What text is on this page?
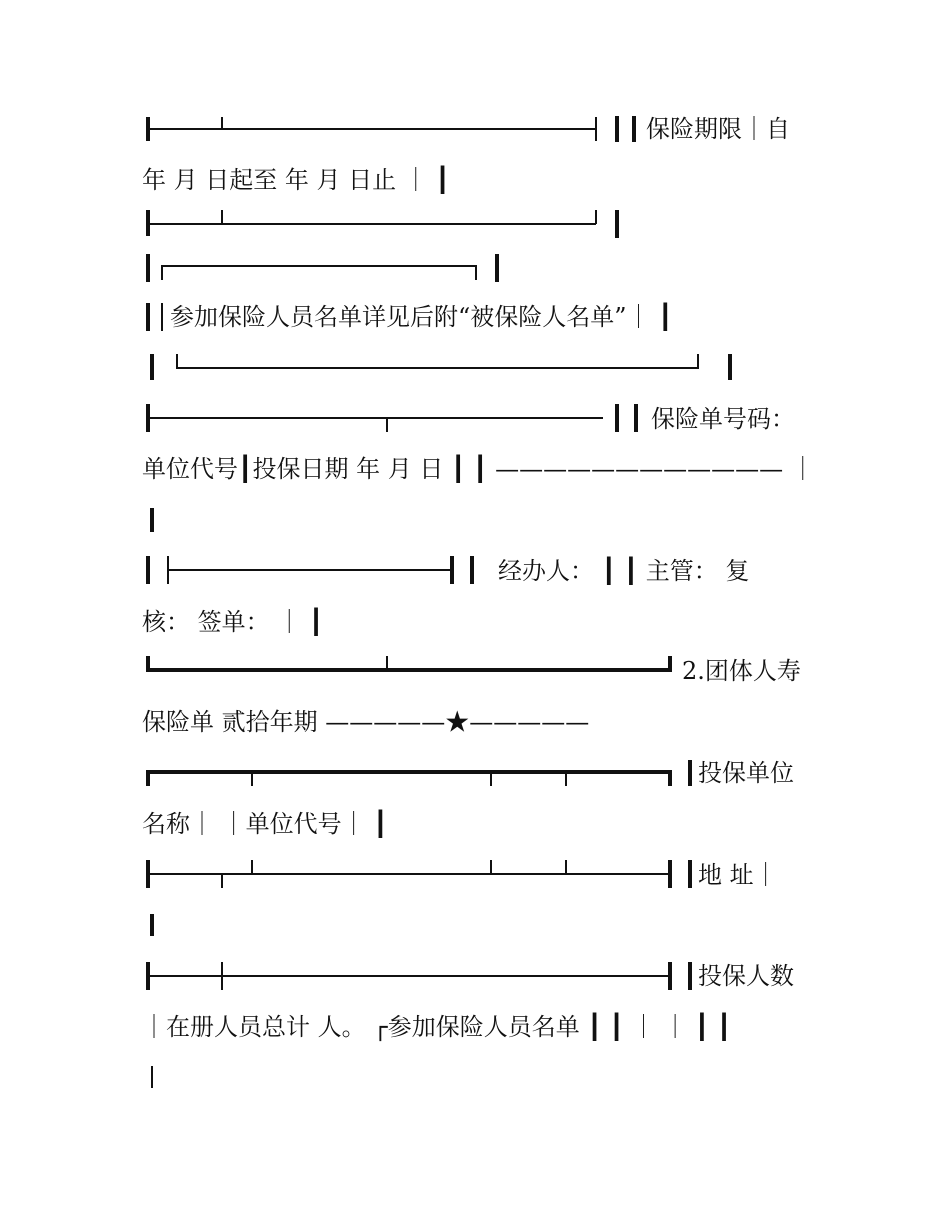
保险期限｜自
年 月 日起至 年 月 日止 ｜ ┃
参加保险人员名单详见后附“被保险人名单”｜ ┃
保险单号码：
单位代号┃投保日期 年 月 日 ┃ ┃ ———————————— ｜
经办人： ┃ ┃ 主管： 复
核： 签单： ｜ ┃
2.团体人寿
保险单 贰拾年期 —————★—————
投保单位
名称｜ ｜单位代号｜ ┃
地 址｜
投保人数
｜在册人员总计 人。 ┌参加保险人员名单 ┃ ┃ ｜ ｜ ┃ ┃
